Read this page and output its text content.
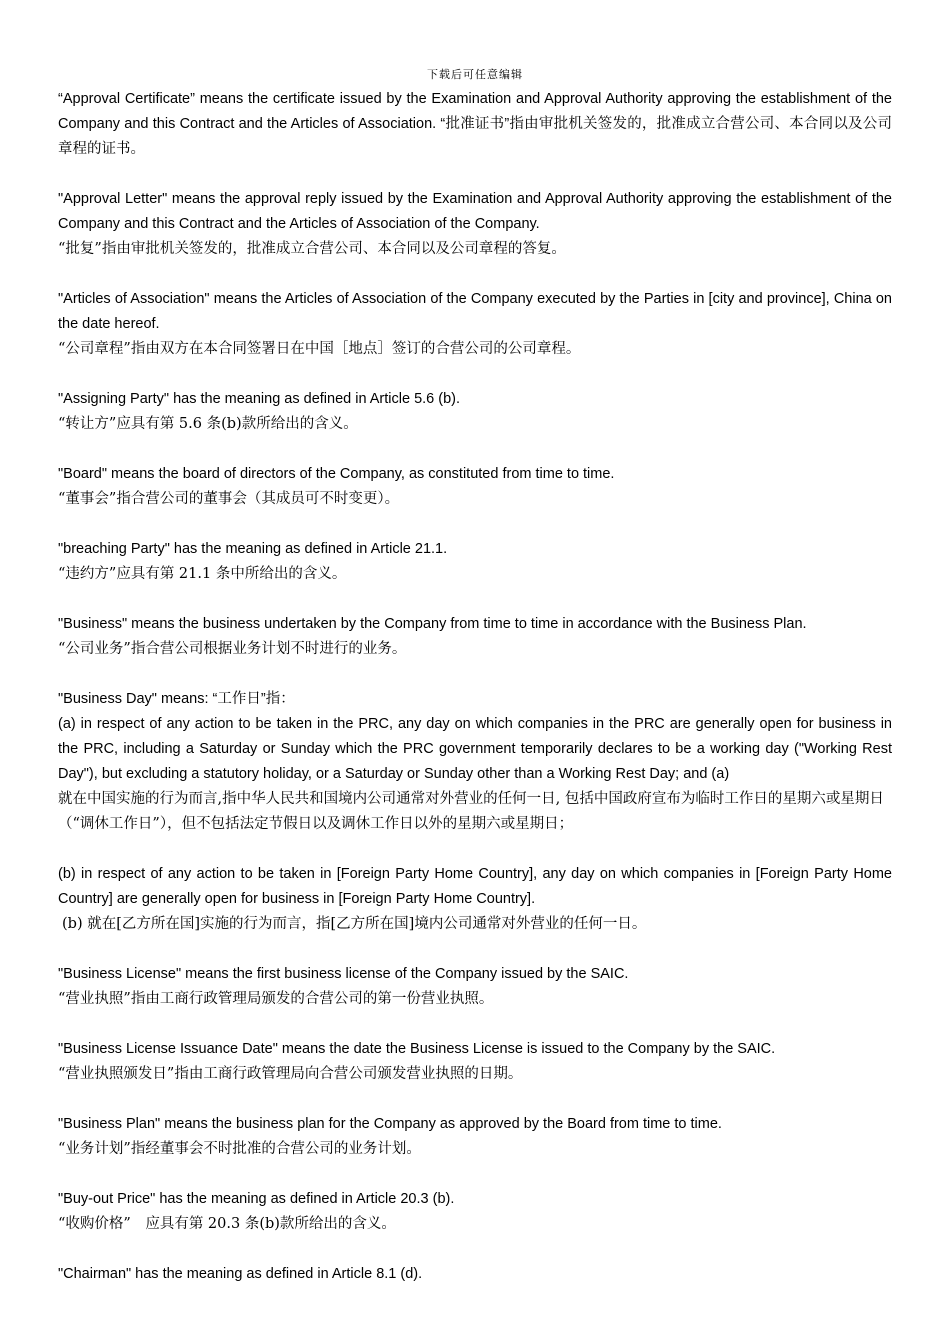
下载后可任意编辑

“Approval Certificate” means the certificate issued by the Examination and Approval Authority approving the establishment of the Company and this Contract and the Articles of Association. “批准证书”指由审批机关签发的，批准成立合营公司、本合同以及公司章程的证书。

"Approval Letter" means the approval reply issued by the Examination and Approval Authority approving the establishment of the Company and this Contract and the Articles of Association of the Company.

“批复”指由审批机关签发的，批准成立合营公司、本合同以及公司章程的答复。

"Articles of Association" means the Articles of Association of the Company executed by the Parties in [city and province], China on the date hereof.

“公司章程”指由双方在本合同签署日在中国［地点］签订的合营公司的公司章程。

"Assigning Party" has the meaning as defined in Article 5.6 (b).

“转让方”应具有第 5.6 条(b)款所给出的含义。

"Board" means the board of directors of the Company, as constituted from time to time.

“董事会”指合营公司的董事会（其成员可不时变更）。

"breaching Party" has the meaning as defined in Article 21.1.

“违约方”应具有第 21.1 条中所给出的含义。

"Business" means the business undertaken by the Company from time to time in accordance with the Business Plan.

“公司业务”指合营公司根据业务计划不时进行的业务。

"Business Day" means: “工作日”指：

(a) in respect of any action to be taken in the PRC, any day on which companies in the PRC are generally open for business in the PRC, including a Saturday or Sunday which the PRC government temporarily declares to be a working day ("Working Rest Day"), but excluding a statutory holiday, or a Saturday or Sunday other than a Working Rest Day; and (a)

就在中国实施的行为而言,指中华人民共和国境内公司通常对外营业的任何一日, 包括中国政府宣布为临时工作日的星期六或星期日（“调休工作日”），但不包括法定节假日以及调休工作日以外的星期六或星期日；

(b) in respect of any action to be taken in [Foreign Party Home Country], any day on which companies in [Foreign Party Home Country] are generally open for business in [Foreign Party Home Country].

(b) 就在[乙方所在国]实施的行为而言，指[乙方所在国]境内公司通常对外营业的任何一日。

"Business License" means the first business license of the Company issued by the SAIC.

“营业执照”指由工商行政管理局颁发的合营公司的第一份营业执照。

"Business License Issuance Date" means the date the Business License is issued to the Company by the SAIC.

“营业执照颁发日”指由工商行政管理局向合营公司颁发营业执照的日期。

"Business Plan" means the business plan for the Company as approved by the Board from time to time.

“业务计划”指经董事会不时批准的合营公司的业务计划。

"Buy-out Price" has the meaning as defined in Article 20.3 (b).

“收购价格”　应具有第 20.3 条(b)款所给出的含义。

"Chairman" has the meaning as defined in Article 8.1 (d).
